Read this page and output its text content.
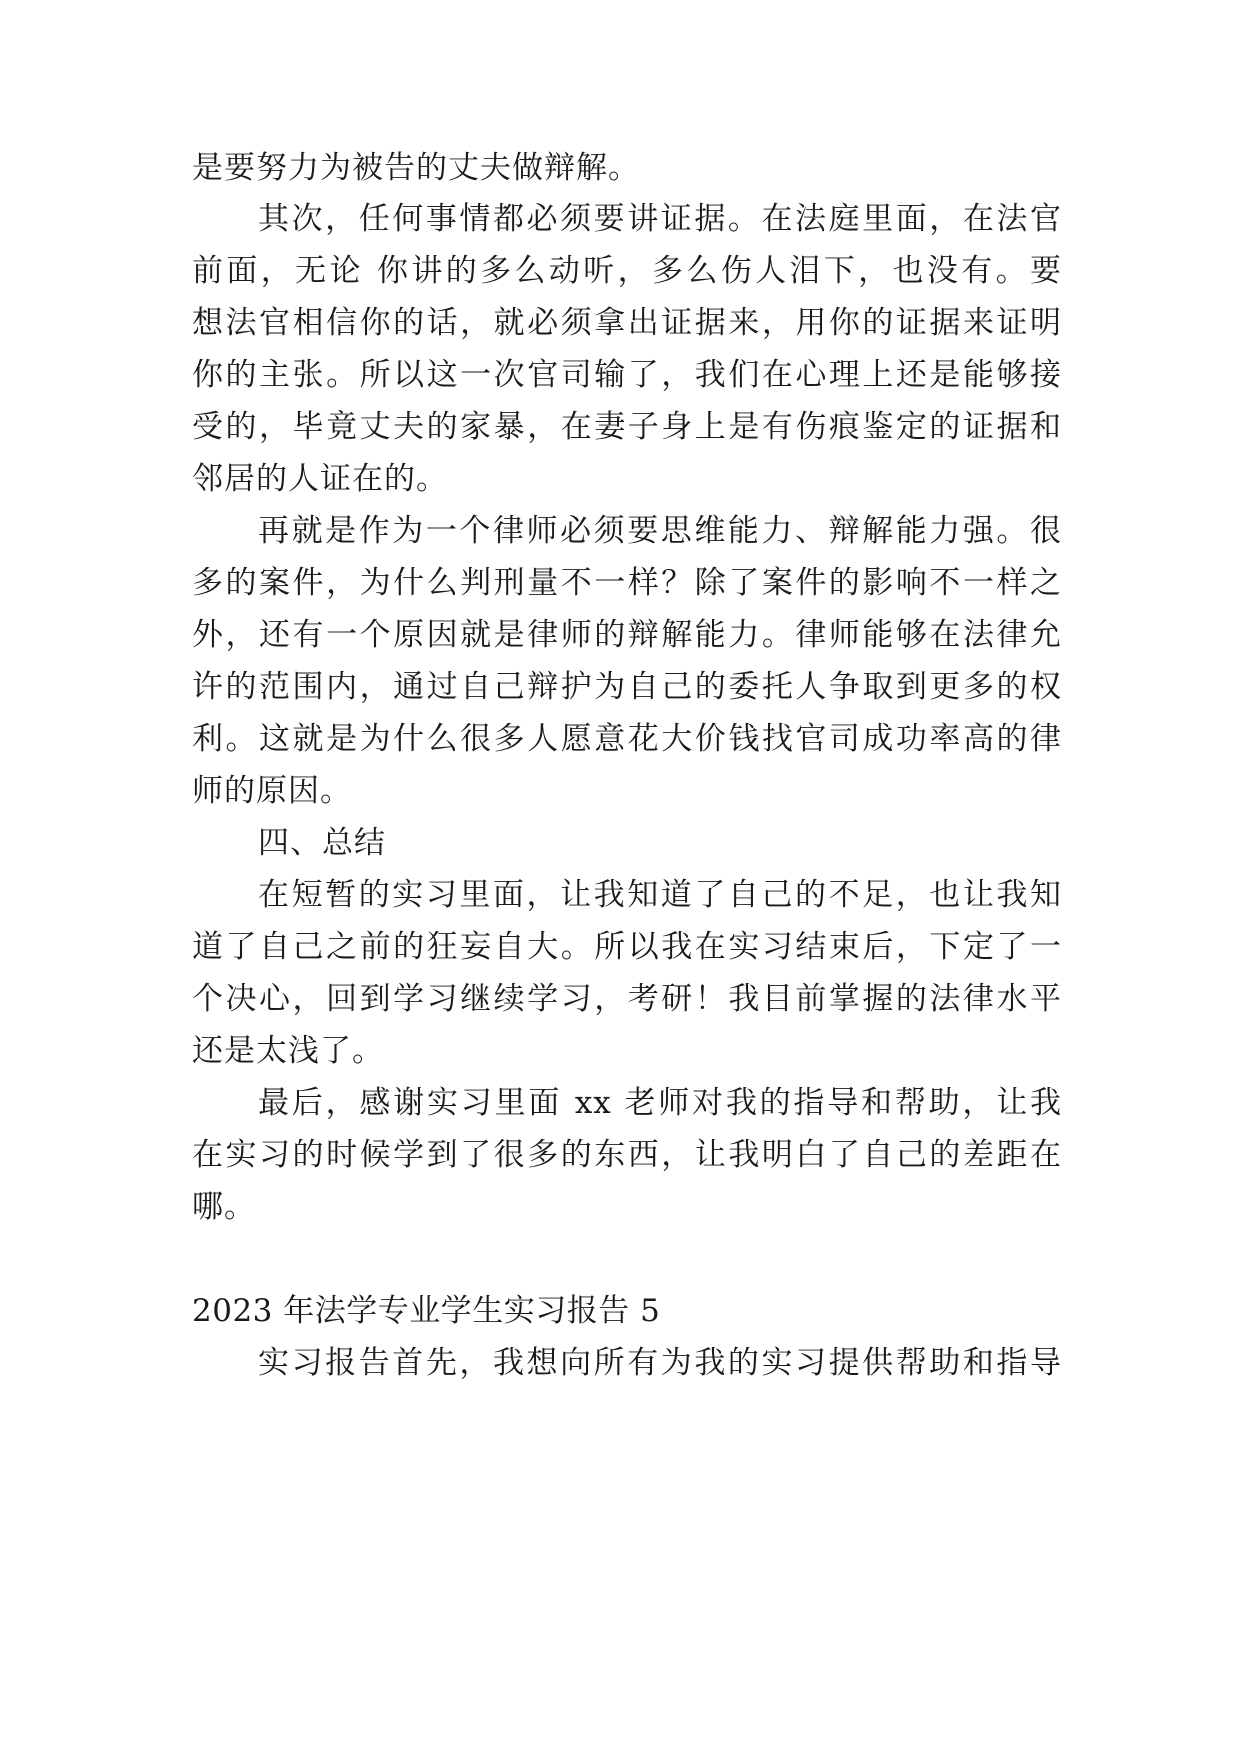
是要努力为被告的丈夫做辩解。
其次，任何事情都必须要讲证据。在法庭里面，在法官
前面，无论 你讲的多么动听，多么伤人泪下，也没有。要
想法官相信你的话，就必须拿出证据来，用你的证据来证明
你的主张。所以这一次官司输了，我们在心理上还是能够接
受的，毕竟丈夫的家暴，在妻子身上是有伤痕鉴定的证据和
邻居的人证在的。
再就是作为一个律师必须要思维能力、辩解能力强。很
多的案件，为什么判刑量不一样？除了案件的影响不一样之
外，还有一个原因就是律师的辩解能力。律师能够在法律允
许的范围内，通过自己辩护为自己的委托人争取到更多的权
利。这就是为什么很多人愿意花大价钱找官司成功率高的律
师的原因。
四、总结
在短暂的实习里面，让我知道了自己的不足，也让我知
道了自己之前的狂妄自大。所以我在实习结束后，下定了一
个决心，回到学习继续学习，考研！我目前掌握的法律水平
还是太浅了。
最后，感谢实习里面 xx 老师对我的指导和帮助，让我
在实习的时候学到了很多的东西，让我明白了自己的差距在
哪。
2023 年法学专业学生实习报告 5
实习报告首先，我想向所有为我的实习提供帮助和指导
